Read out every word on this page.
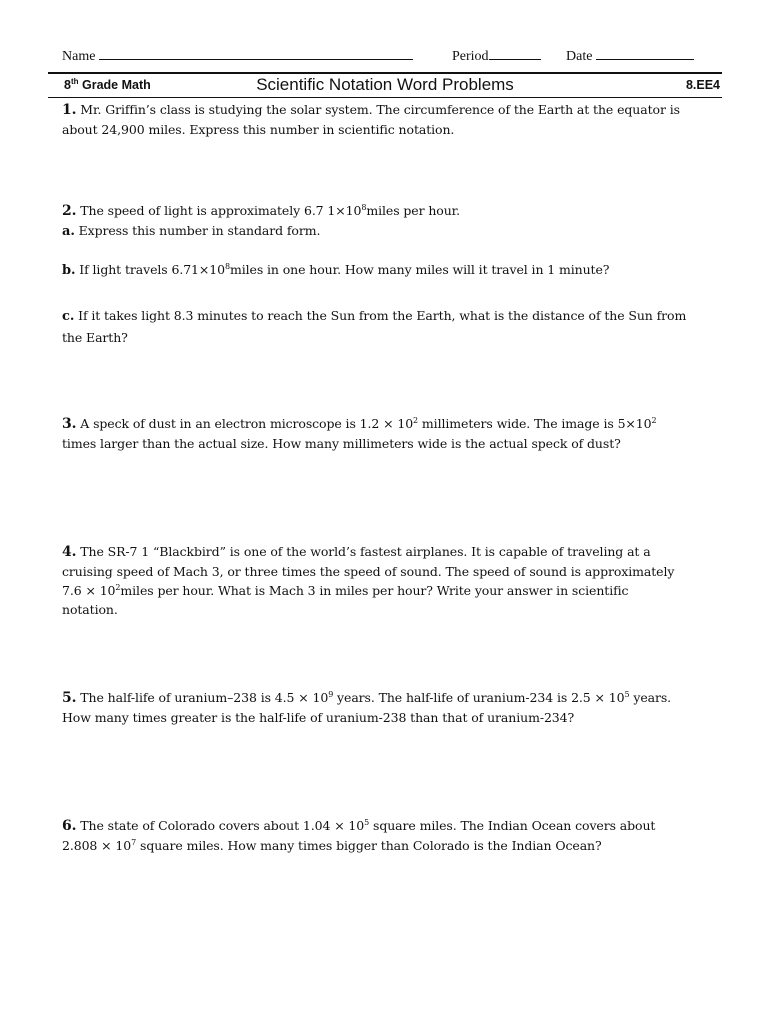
Name	Period	Date
8th Grade Math	Scientific Notation Word Problems	8.EE4
1. Mr. Griffin’s class is studying the solar system. The circumference of the Earth at the equator is
about 24,900 miles. Express this number in scientific notation.
2. The speed of light is approximately 6.7 $1\times 10^8miles$ per hour.
a. Express this number in standard form.
b. If light travels $6.71\times 10^8miles$ in one hour. How many miles will it travel in 1 minute?
c. If it takes light 8.3 minutes to reach the Sun from the Earth, what is the distance of the Sun from
the Earth?
3. A speck of dust in an electron microscope is $1.2 \times 10^2$ millimeters wide. The image is $5\times 10^2$
times larger than the actual size. How many millimeters wide is the actual speck of dust?
4. The SR-7 1 “Blackbird” is one of the world’s fastest airplanes. It is capable of traveling at a
cruising speed of Mach 3, or three times the speed of sound. The speed of sound is approximately
$7.6 \times 10^2miles$ per hour. What is Mach 3 in miles per hour? Write your answer in scientific
notation.
5. The half-life of uranium–238 is $4.5 \times 10^9$ years. The half-life of uranium-234 is $2.5 \times 10^5$ years.
How many times greater is the half-life of uranium-238 than that of uranium-234?
6. The state of Colorado covers about $1.04 \times 10^5$ square miles. The Indian Ocean covers about
$2.808 \times 10^7$ square miles. How many times bigger than Colorado is the Indian Ocean?
